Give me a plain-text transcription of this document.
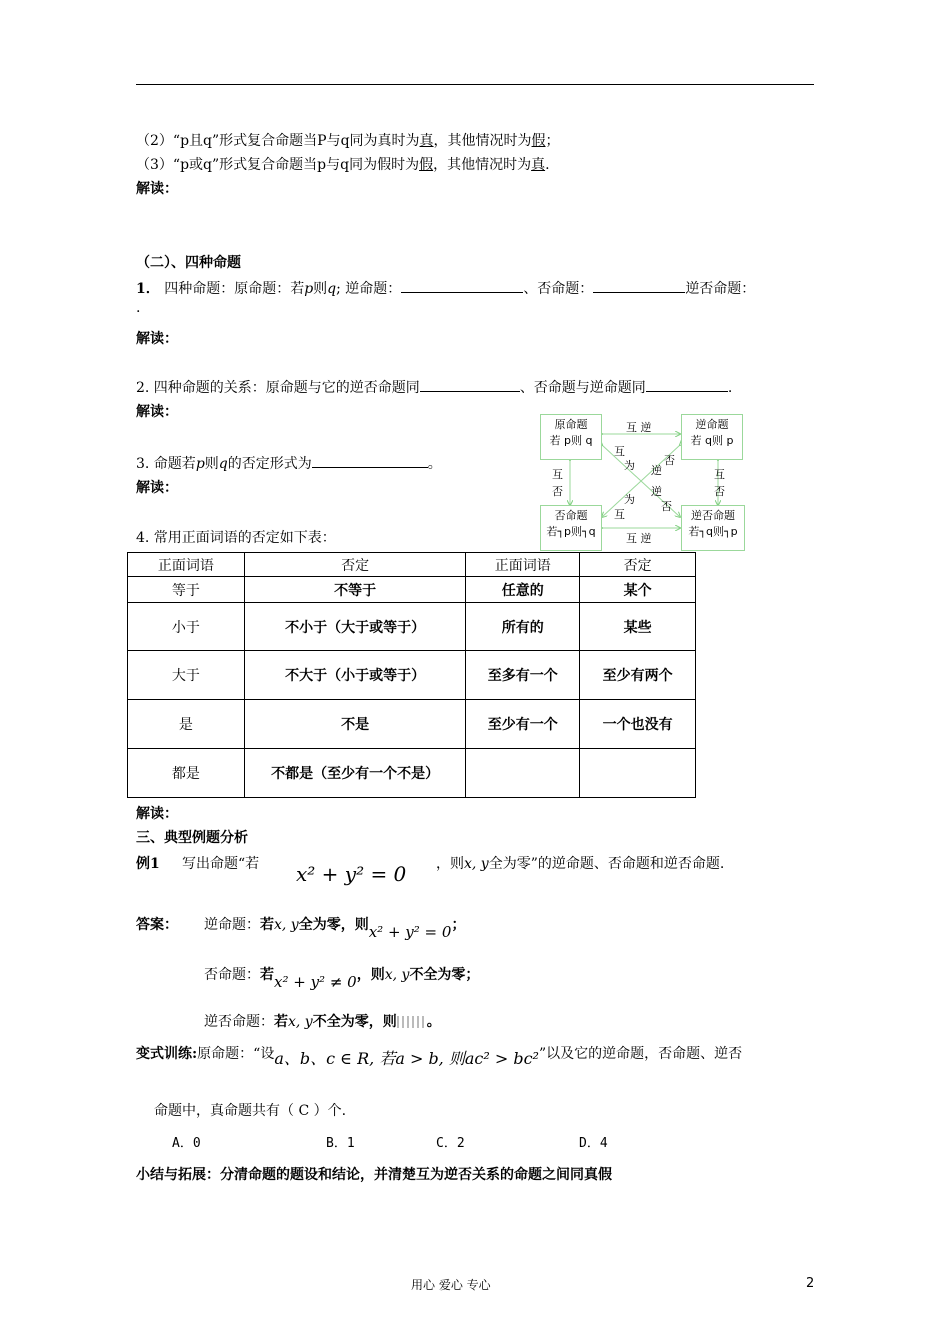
（2）“p且q”形式复合命题当P与q同为真时为真，其他情况时为假；
（3）“p或q”形式复合命题当p与q同为假时为假，其他情况时为真.
解读：
（二）、四种命题
1． 四种命题：原命题：若p则q; 逆命题：	、否命题：	逆否命题：
.
解读：
2. 四种命题的关系：原命题与它的逆否命题同	、否命题与逆命题同	.
解读：
3. 命题若p则q的否定形式为	。
解读：
4. 常用正面词语的否定如下表：
原命题
若 p则 q
逆命题
若 q则 p
否命题
若┐p则┐q
逆否命题
若┐q则┐p
互 逆
互 逆
互
否
互
否
互
为 逆
否
为
逆
互
否
正面词语	否定	正面词语	否定
等于	不等于	任意的	某个
小于	不小于（大于或等于）	所有的	某些
大于	不大于（小于或等于）	至多有一个	至少有两个
是	不是	至少有一个	一个也没有
都是	不都是（至少有一个不是）		
解读：
三、典型例题分析
例1 写出命题“若 x² + y² = 0 ，则x, y全为零”的逆命题、否命题和逆否命题.
答案： 逆命题：若x, y全为零，则x² + y² = 0；
否命题：若x² + y² ≠ 0，则x, y不全为零；
逆否命题：若x, y不全为零，则 。
变式训练:原命题：“设a、b、c ∈ R, 若a > b, 则ac² > bc²”以及它的逆命题，否命题、逆否
命题中，真命题共有（ C ）个.
A．0	B．1	C．2	D．4
小结与拓展：分清命题的题设和结论，并清楚互为逆否关系的命题之间同真假
用心 爱心 专心	2
